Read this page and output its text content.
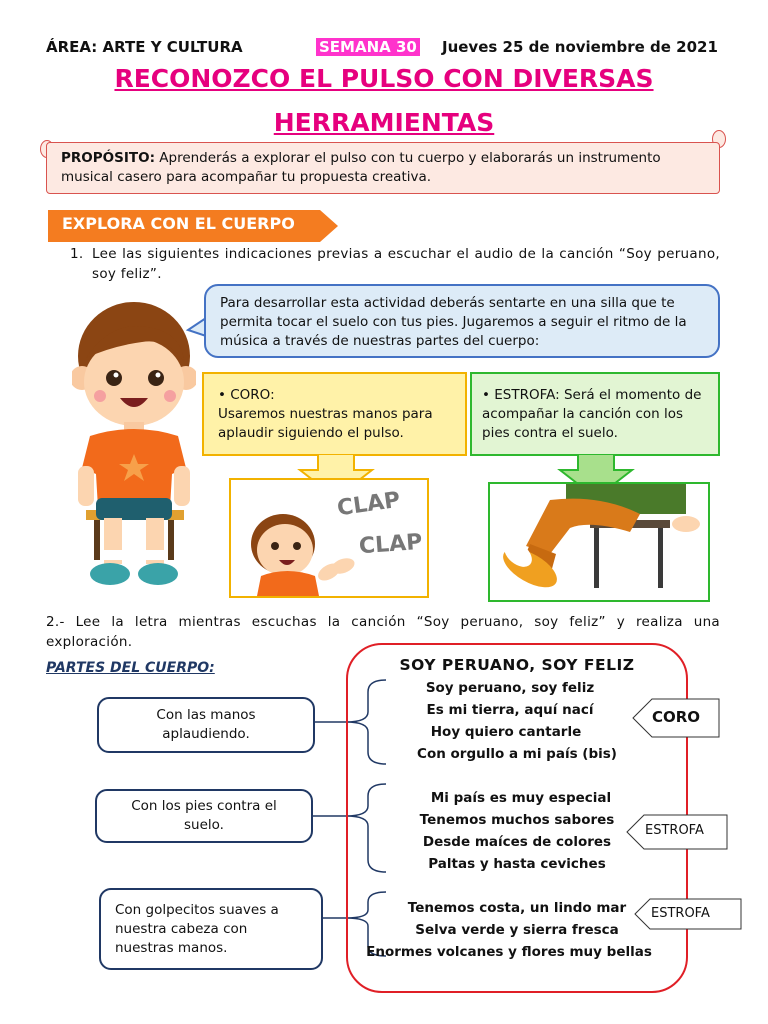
ÁREA: ARTE Y CULTURA	SEMANA 30 Jueves 25 de noviembre de 2021
RECONOZCO EL PULSO CON DIVERSAS
HERRAMIENTAS
PROPÓSITO: Aprenderás a explorar el pulso con tu cuerpo y elaborarás un instrumento musical casero para acompañar tu propuesta creativa.
EXPLORA CON EL CUERPO
1. Lee las siguientes indicaciones previas a escuchar el audio de la canción “Soy peruano, soy feliz”.
Para desarrollar esta actividad deberás sentarte en una silla que te permita tocar el suelo con tus pies. Jugaremos a seguir el ritmo de la música a través de nuestras partes del cuerpo:
• CORO:
Usaremos nuestras manos para aplaudir siguiendo el pulso.
• ESTROFA: Será el momento de acompañar la canción con los pies contra el suelo.
CLAP
CLAP
2.- Lee la letra mientras escuchas la canción “Soy peruano, soy feliz” y realiza una exploración.
PARTES DEL CUERPO:
Con las manos aplaudiendo.
Con los pies contra el suelo.
Con golpecitos suaves a nuestra cabeza con nuestras manos.
SOY PERUANO, SOY FELIZ
Soy peruano, soy feliz
Es mi tierra, aquí nací
Hoy quiero cantarle
Con orgullo a mi país (bis)
Mi país es muy especial
Tenemos muchos sabores
Desde maíces de colores
Paltas y hasta ceviches
Tenemos costa, un lindo mar
Selva verde y sierra fresca
Enormes volcanes y flores muy bellas
CORO
ESTROFA
ESTROFA
